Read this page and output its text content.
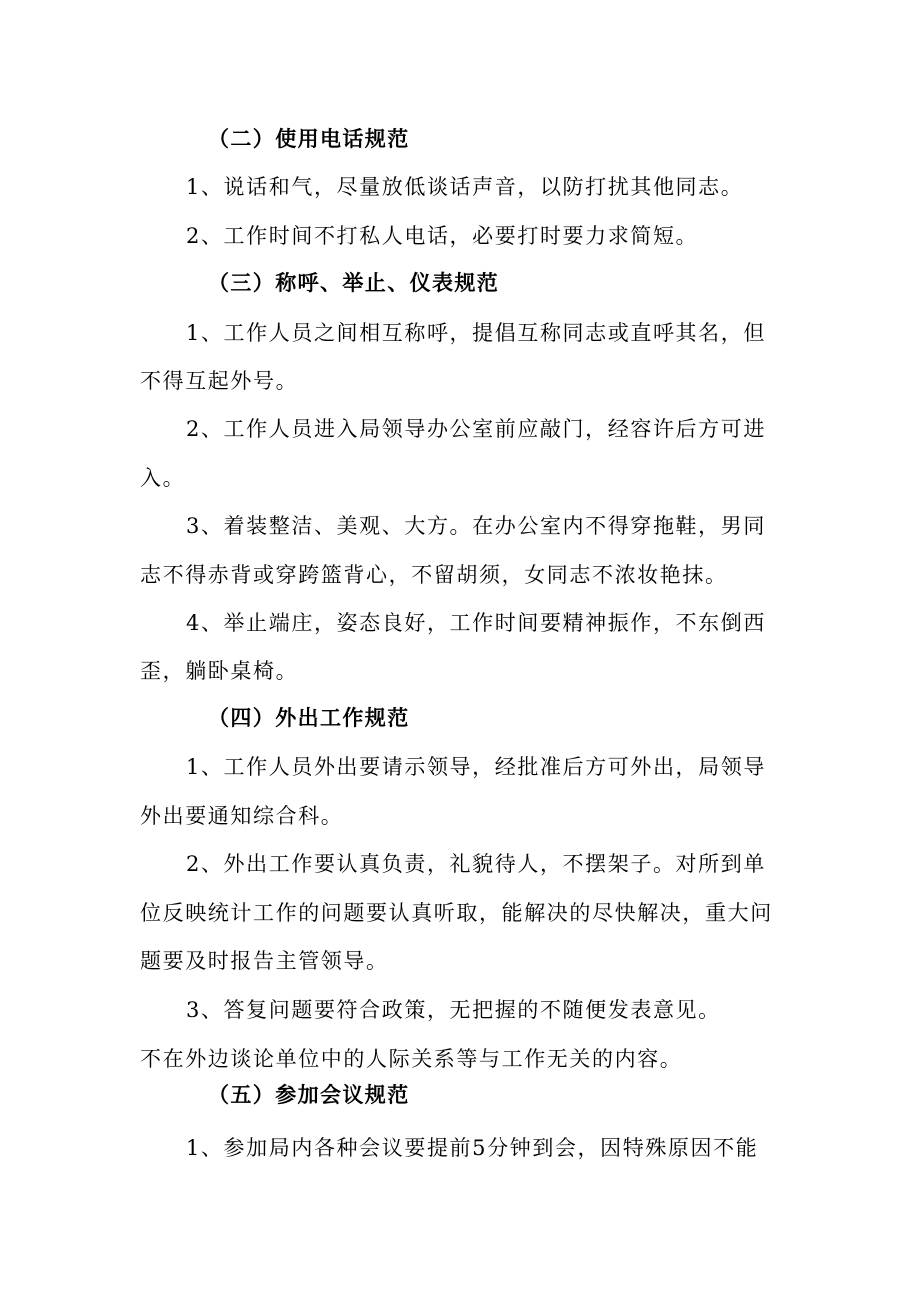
（二）使用电话规范
1、说话和气，尽量放低谈话声音，以防打扰其他同志。
2、工作时间不打私人电话，必要打时要力求简短。
（三）称呼、举止、仪表规范
1、工作人员之间相互称呼，提倡互称同志或直呼其名，但
不得互起外号。
2、工作人员进入局领导办公室前应敲门，经容许后方可进
入。
3、着装整洁、美观、大方。在办公室内不得穿拖鞋，男同
志不得赤背或穿跨篮背心，不留胡须，女同志不浓妆艳抹。
4、举止端庄，姿态良好，工作时间要精神振作，不东倒西
歪，躺卧桌椅。
（四）外出工作规范
1、工作人员外出要请示领导，经批准后方可外出，局领导
外出要通知综合科。
2、外出工作要认真负责，礼貌待人，不摆架子。对所到单
位反映统计工作的问题要认真听取，能解决的尽快解决，重大问
题要及时报告主管领导。
3、答复问题要符合政策，无把握的不随便发表意见。
不在外边谈论单位中的人际关系等与工作无关的内容。
（五）参加会议规范
1、参加局内各种会议要提前5分钟到会，因特殊原因不能
